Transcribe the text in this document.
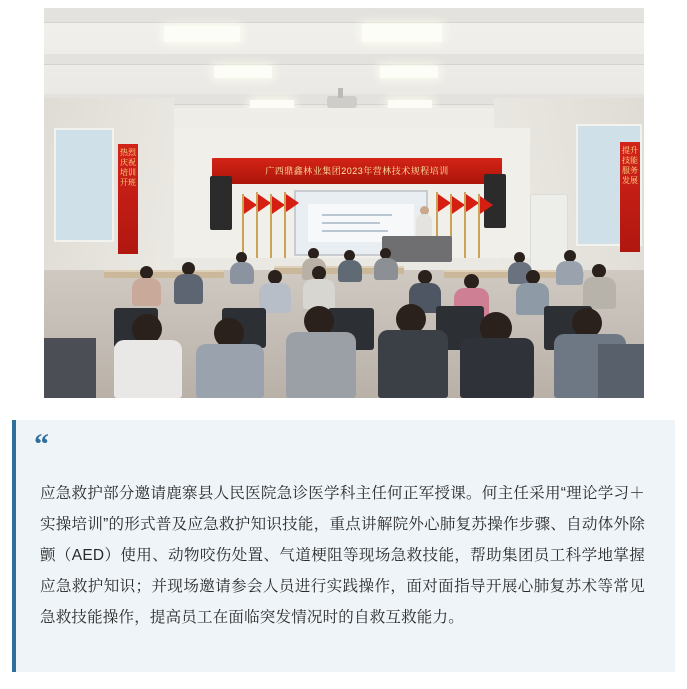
热烈庆祝培训开班
提升技能服务发展
广西鼎鑫林业集团2023年营林技术规程培训
“
应急救护部分邀请鹿寨县人民医院急诊医学科主任何正军授课。何主任采用“理论学习＋实操培训”的形式普及应急救护知识技能，重点讲解院外心肺复苏操作步骤、自动体外除颤（AED）使用、动物咬伤处置、气道梗阻等现场急救技能，帮助集团员工科学地掌握应急救护知识；并现场邀请参会人员进行实践操作，面对面指导开展心肺复苏术等常见急救技能操作，提高员工在面临突发情况时的自救互救能力。
